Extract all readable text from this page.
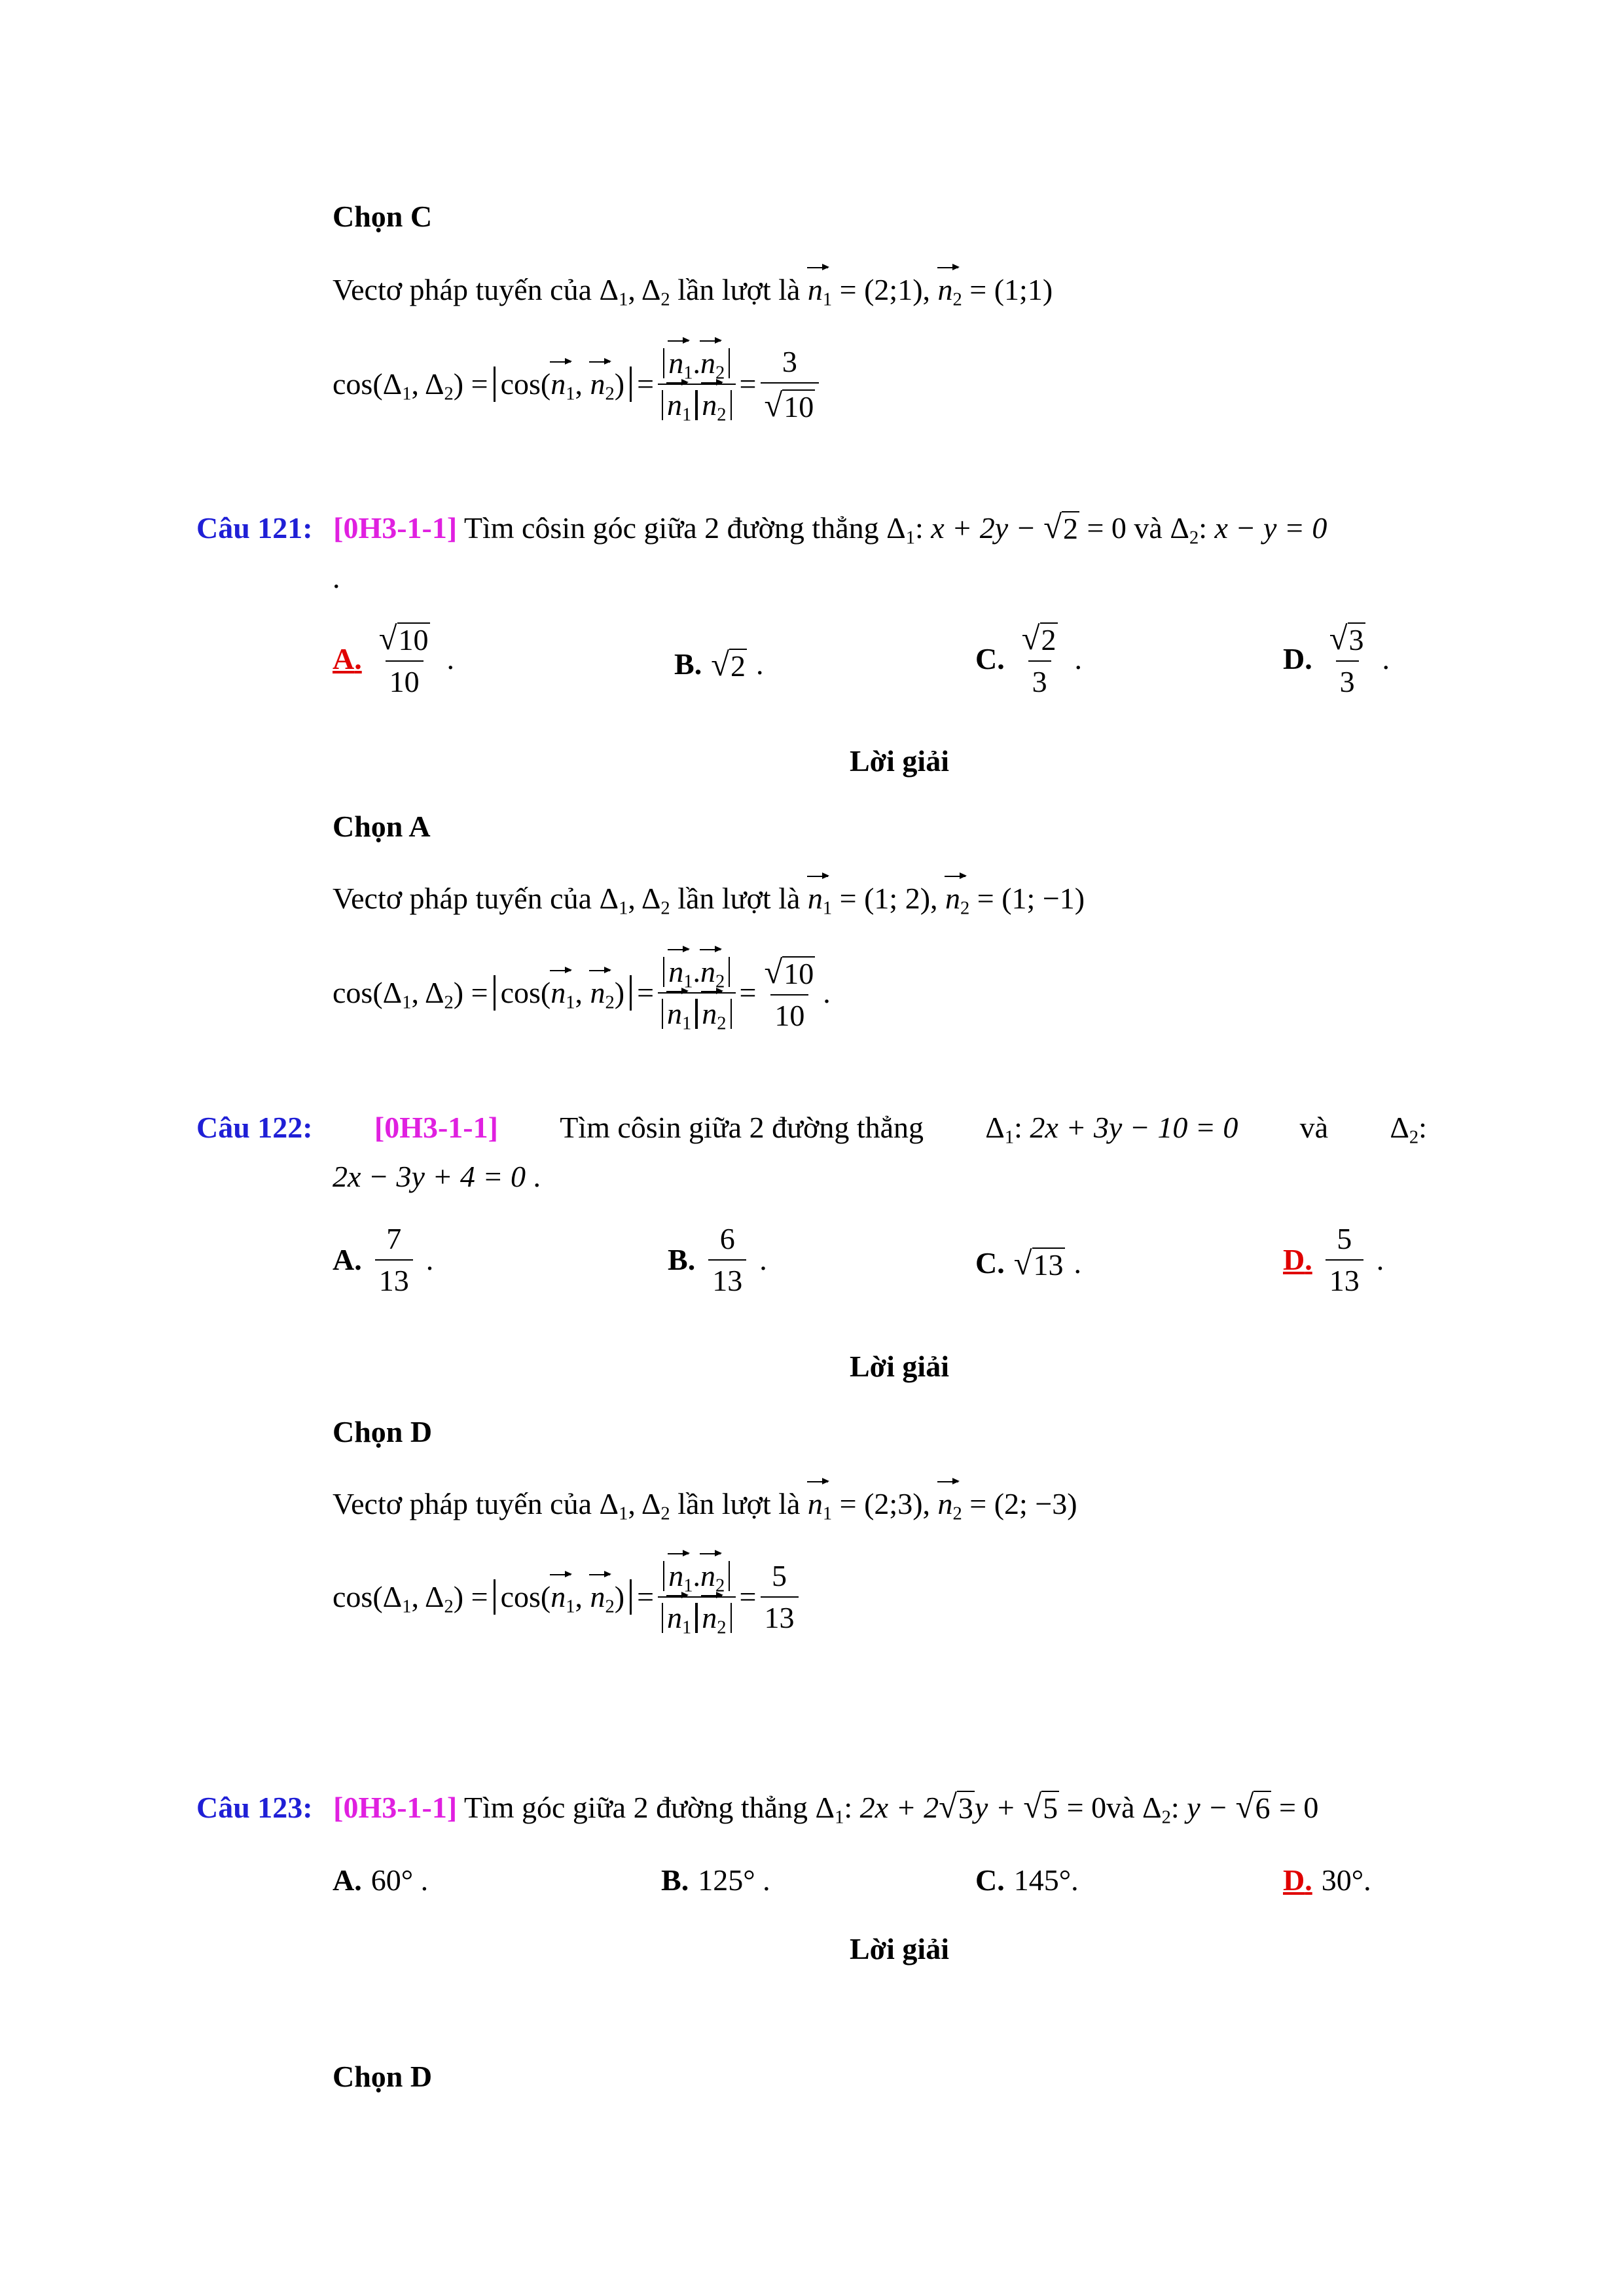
Chọn C
Vectơ pháp tuyến của $\Delta_1$, $\Delta_2$ lần lượt là $n_1$ = (2;1), $n_2$ = (1;1)
$\cos(\Delta_1$, $\Delta_2) = \cos(n_1$, $n_2) = \frac{n_1.n_2}{n_1 n_2} = \frac{3}{√ 10}$
Câu 121: [0H3-1-1] Tìm côsin góc giữa 2 đường thẳng $\Delta_1$: x + 2y − √ 2 = 0 và $\Delta_2$: x − y = 0
.
A . $\frac{√ 10}{10}$ .	B. √ 2 .	C. $\frac{√ 2}{3}$ .	D. $\frac{√ 3}{3}$ .
Lời giải
Chọn A
Vectơ pháp tuyến của $\Delta_1$, $\Delta_2$ lần lượt là $n_1 = (1$; 2), $n_2 = (1$; −1)
$\cos(\Delta_1$, $\Delta_2) = \cos(n_1$, $n_2) = \frac{n_1.n_2}{n_1 n_2} = \frac{√ 10}{10}$ .
Câu 122: [0H3-1-1] Tìm côsin giữa 2 đường thẳng $\Delta_1$: 2x + 3y − 10 = 0 và $\Delta_2$:
2x − 3y + 4 = 0 .
A. $\frac{7}{13}$ .	B. $\frac{6}{13}$ .	C. √ 13 .	D . $\frac{5}{13}$ .
Lời giải
Chọn D
Vectơ pháp tuyến của $\Delta_1$, $\Delta_2$ lần lượt là $n_1$ = (2;3), $n_2 = (2$; −3)
$\cos(\Delta_1$, $\Delta_2) = \cos(n_1$, $n_2) = \frac{n_1.n_2}{n_1 n_2} = \frac{5}{13}$
Câu 123: [0H3-1-1] Tìm góc giữa 2 đường thẳng $\Delta_1$: 2x + 2 √ 3 y + √ 5 = 0và $\Delta_2$: y − √ 6 = 0
A. 60° .	B. 125° .	C. 145°.	D . 30°.
Lời giải
Chọn D
